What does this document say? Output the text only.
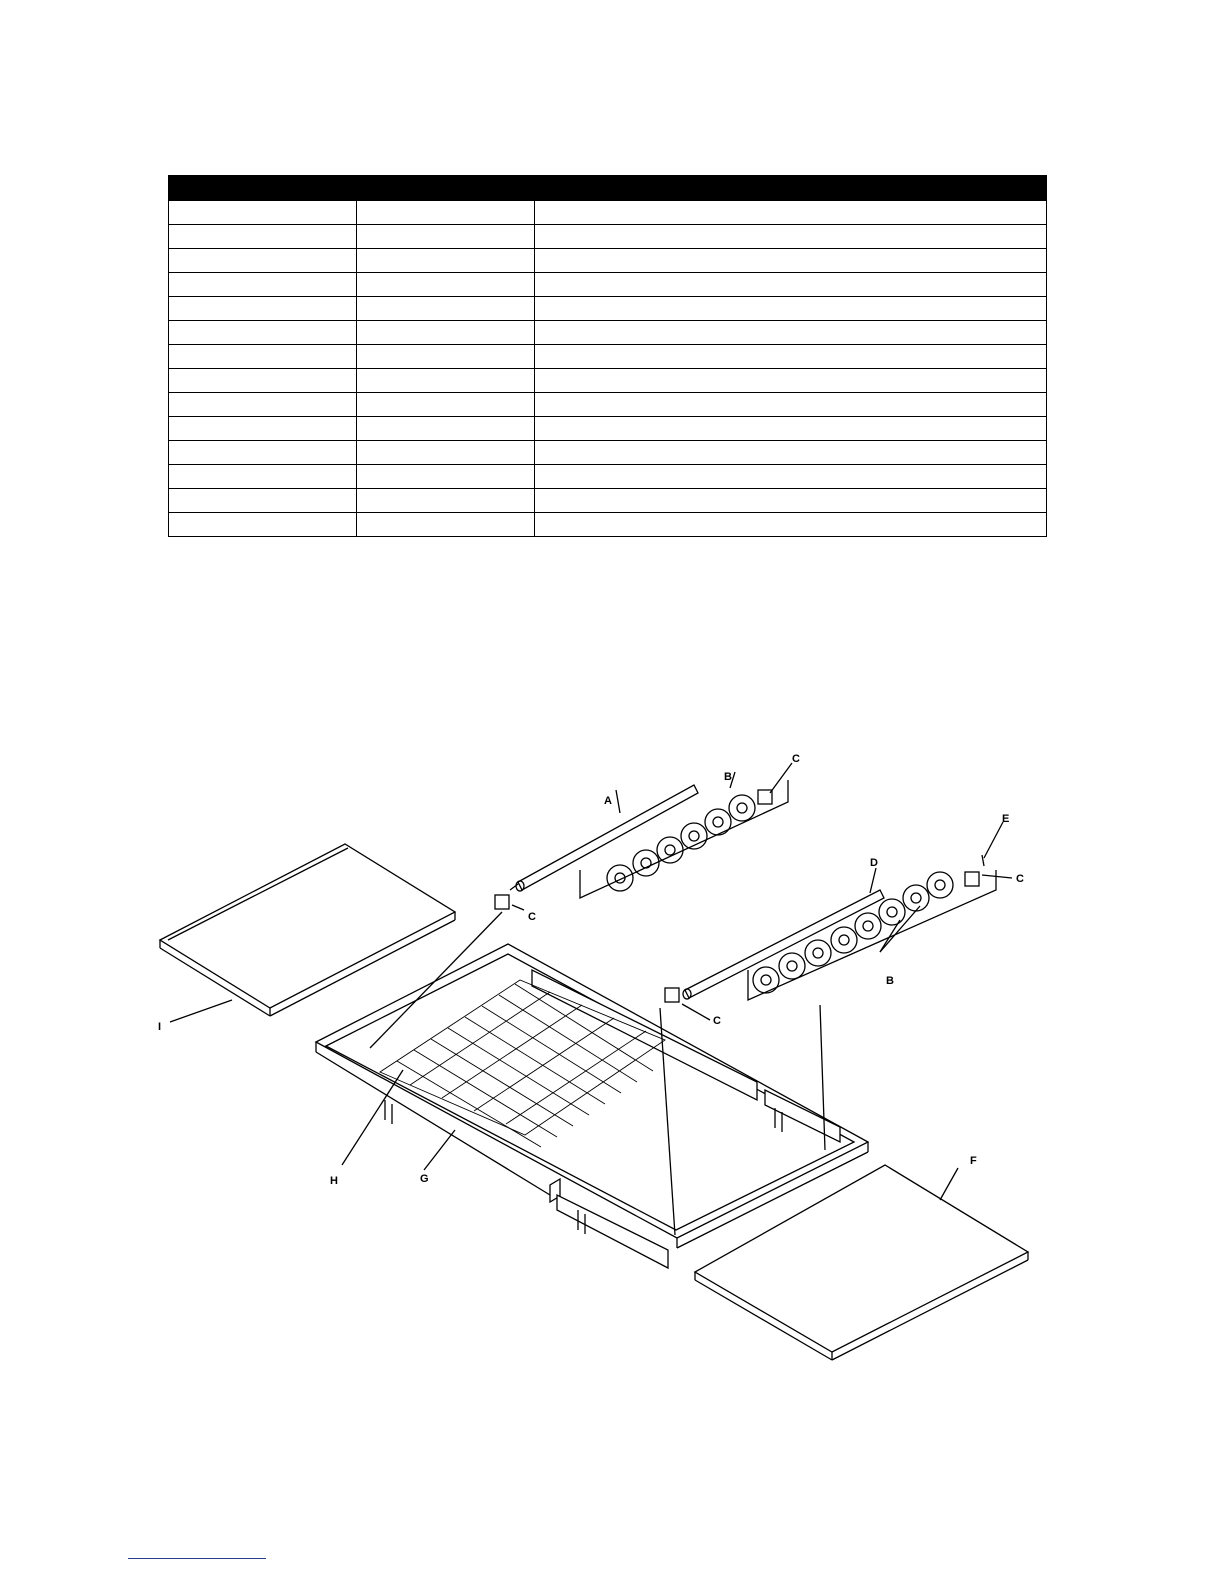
A
B
C
C
D
E
C
C
B
F
G
H
I
